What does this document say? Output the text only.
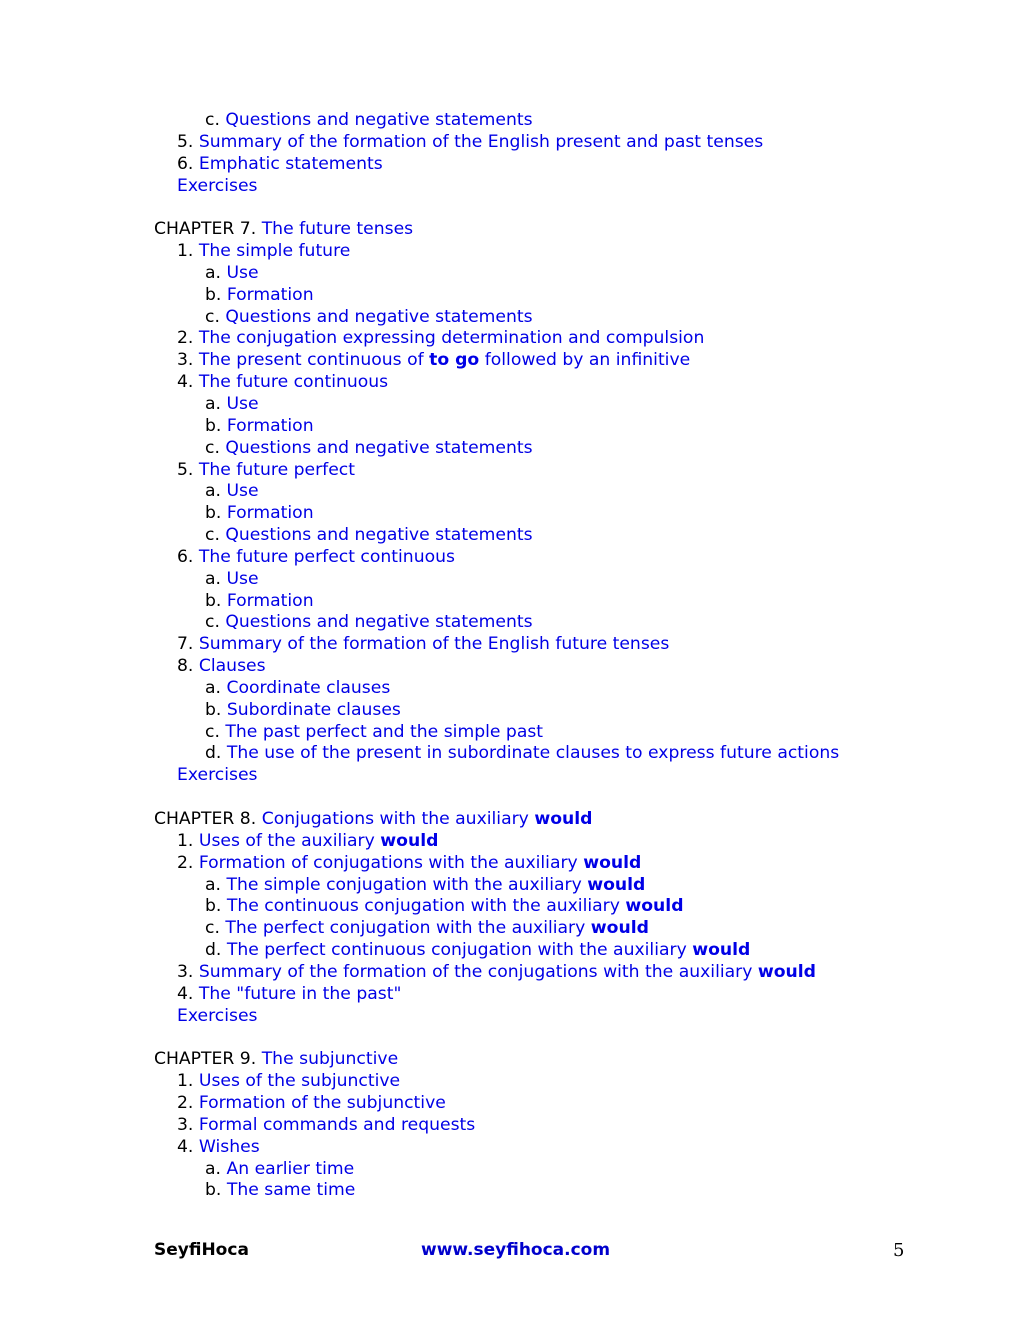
c. Questions and negative statements
5. Summary of the formation of the English present and past tenses
6. Emphatic statements
Exercises
CHAPTER 7. The future tenses
1. The simple future
a. Use
b. Formation
c. Questions and negative statements
2. The conjugation expressing determination and compulsion
3. The present continuous of to go followed by an infinitive
4. The future continuous
a. Use
b. Formation
c. Questions and negative statements
5. The future perfect
a. Use
b. Formation
c. Questions and negative statements
6. The future perfect continuous
a. Use
b. Formation
c. Questions and negative statements
7. Summary of the formation of the English future tenses
8. Clauses
a. Coordinate clauses
b. Subordinate clauses
c. The past perfect and the simple past
d. The use of the present in subordinate clauses to express future actions
Exercises
CHAPTER 8. Conjugations with the auxiliary would
1. Uses of the auxiliary would
2. Formation of conjugations with the auxiliary would
a. The simple conjugation with the auxiliary would
b. The continuous conjugation with the auxiliary would
c. The perfect conjugation with the auxiliary would
d. The perfect continuous conjugation with the auxiliary would
3. Summary of the formation of the conjugations with the auxiliary would
4. The "future in the past"
Exercises
CHAPTER 9. The subjunctive
1. Uses of the subjunctive
2. Formation of the subjunctive
3. Formal commands and requests
4. Wishes
a. An earlier time
b. The same time
SeyfiHoca	www.seyfihoca.com	5
